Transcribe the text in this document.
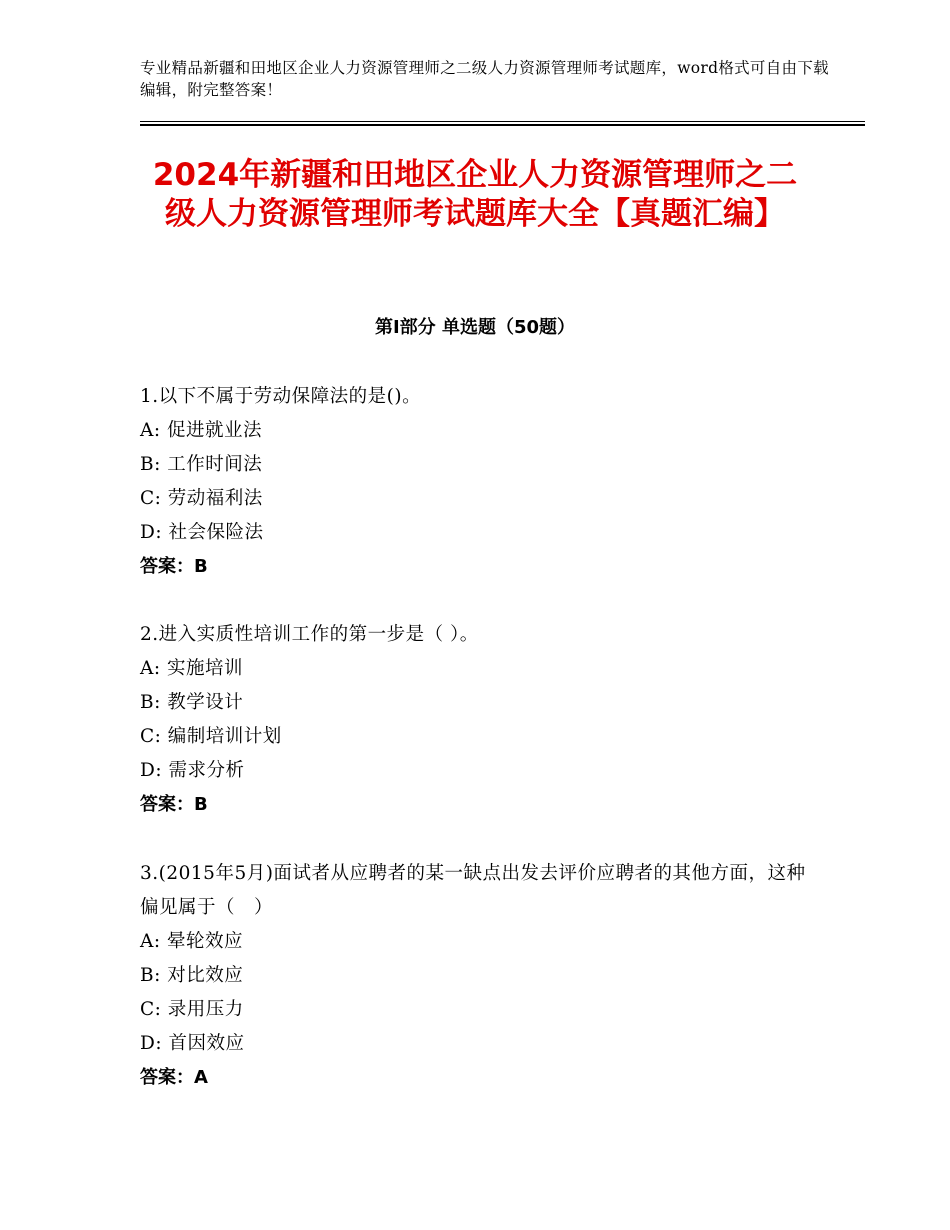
专业精品新疆和田地区企业人力资源管理师之二级人力资源管理师考试题库，word格式可自由下载编辑，附完整答案！
2024年新疆和田地区企业人力资源管理师之二级人力资源管理师考试题库大全【真题汇编】
第Ⅰ部分 单选题（50题）
1.以下不属于劳动保障法的是()。
A: 促进就业法
B: 工作时间法
C: 劳动福利法
D: 社会保险法
答案：B
2.进入实质性培训工作的第一步是（ ）。
A: 实施培训
B: 教学设计
C: 编制培训计划
D: 需求分析
答案：B
3.(2015年5月)面试者从应聘者的某一缺点出发去评价应聘者的其他方面，这种偏见属于（　）
A: 晕轮效应
B: 对比效应
C: 录用压力
D: 首因效应
答案：A
